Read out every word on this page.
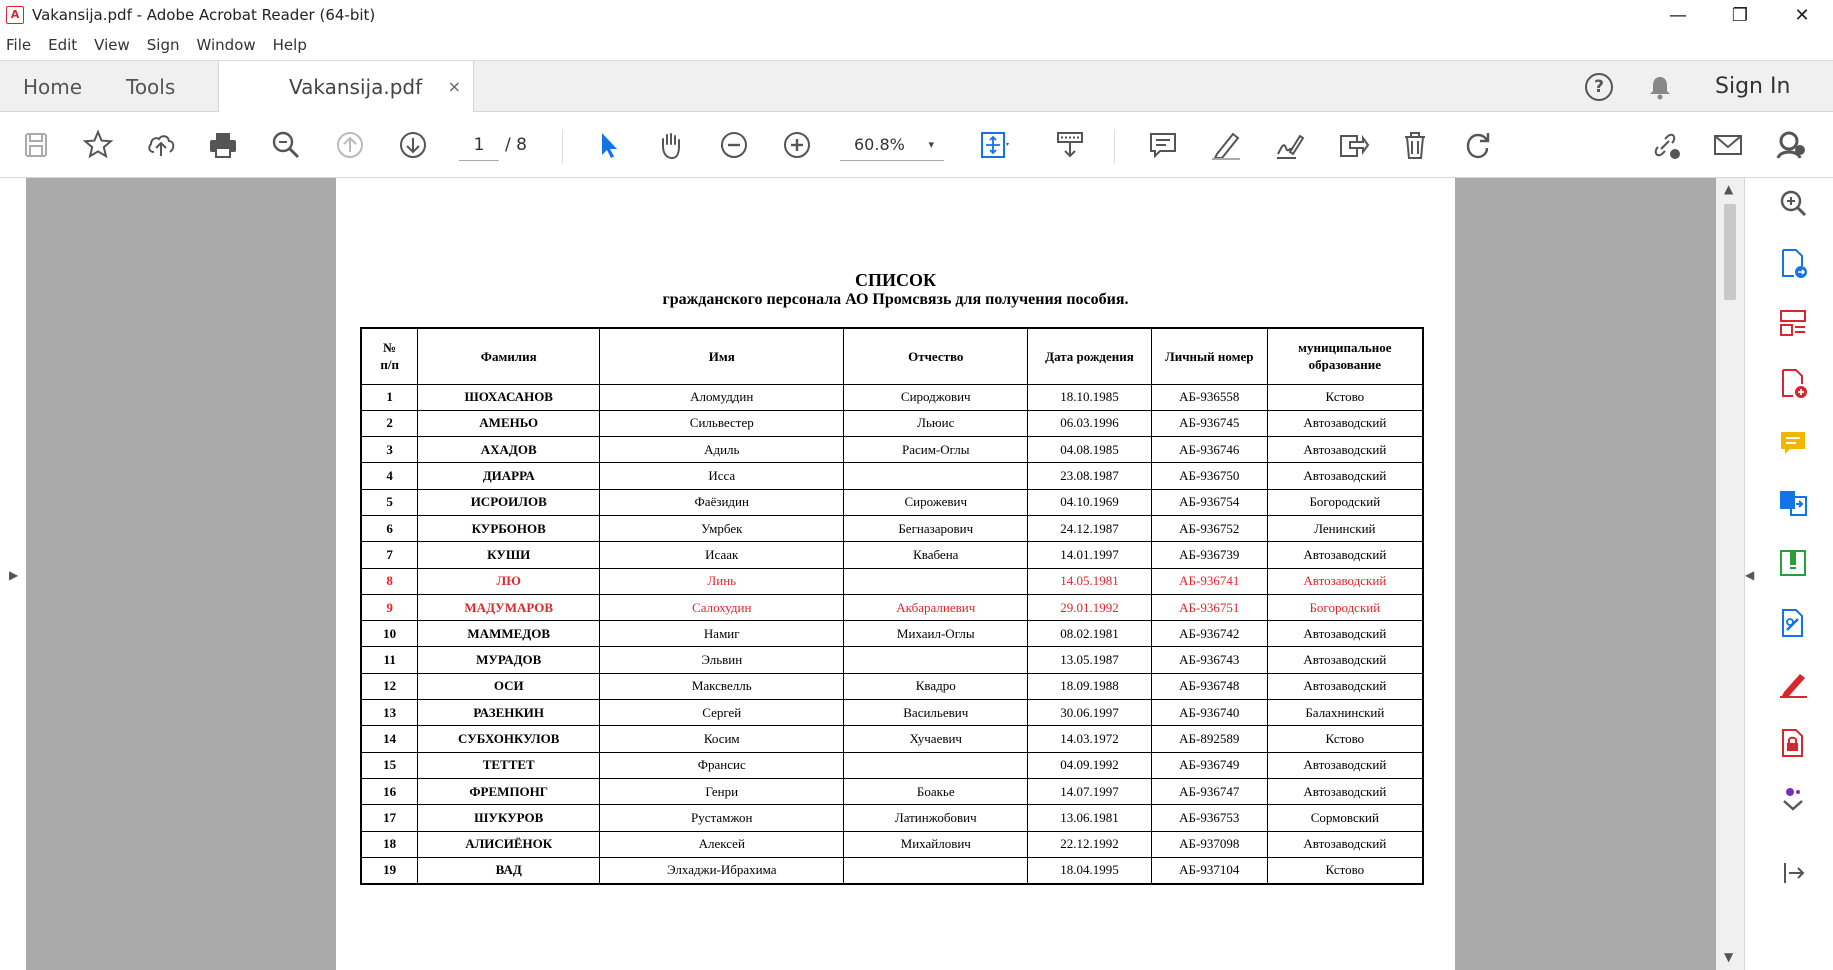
A Vakansija.pdf - Adobe Acrobat Reader (64-bit)	—	❐	✕
File Edit View Sign Window Help
Home Tools	Vakansija.pdf ×	?	Sign In
1	/ 8	60.8% ▾
▶
СПИСОК
гражданского персонала АО Промсвязь для получения пособия.
№
п/п	Фамилия	Имя	Отчество	Дата рождения	Личный номер	муниципальное
образование
1	ШОХАСАНОВ	Аломуддин	Сироджович	18.10.1985	АБ-936558	Кстово
2	АМЕНЬО	Сильвестер	Льюис	06.03.1996	АБ-936745	Автозаводский
3	АХАДОВ	Адиль	Расим-Оглы	04.08.1985	АБ-936746	Автозаводский
4	ДИАРРА	Исса		23.08.1987	АБ-936750	Автозаводский
5	ИСРОИЛОВ	Фаёзидин	Сирожевич	04.10.1969	АБ-936754	Богородский
6	КУРБОНОВ	Умрбек	Бегназарович	24.12.1987	АБ-936752	Ленинский
7	КУШИ	Исаак	Квабена	14.01.1997	АБ-936739	Автозаводский
8	ЛЮ	Линь		14.05.1981	АБ-936741	Автозаводский
9	МАДУМАРОВ	Салохудин	Акбаралиевич	29.01.1992	АБ-936751	Богородский
10	МАММЕДОВ	Намиг	Михаил-Оглы	08.02.1981	АБ-936742	Автозаводский
11	МУРАДОВ	Эльвин		13.05.1987	АБ-936743	Автозаводский
12	ОСИ	Максвелль	Квадро	18.09.1988	АБ-936748	Автозаводский
13	РАЗЕНКИН	Сергей	Васильевич	30.06.1997	АБ-936740	Балахнинский
14	СУБХОНКУЛОВ	Косим	Хучаевич	14.03.1972	АБ-892589	Кстово
15	ТЕТТЕТ	Франсис		04.09.1992	АБ-936749	Автозаводский
16	ФРЕМПОНГ	Генри	Боакье	14.07.1997	АБ-936747	Автозаводский
17	ШУКУРОВ	Рустамжон	Латинжобович	13.06.1981	АБ-936753	Сормовский
18	АЛИСИЁНОК	Алексей	Михайлович	22.12.1992	АБ-937098	Автозаводский
19	ВАД	Элхаджи-Ибрахима		18.04.1995	АБ-937104	Кстово
▲
▼
◀
